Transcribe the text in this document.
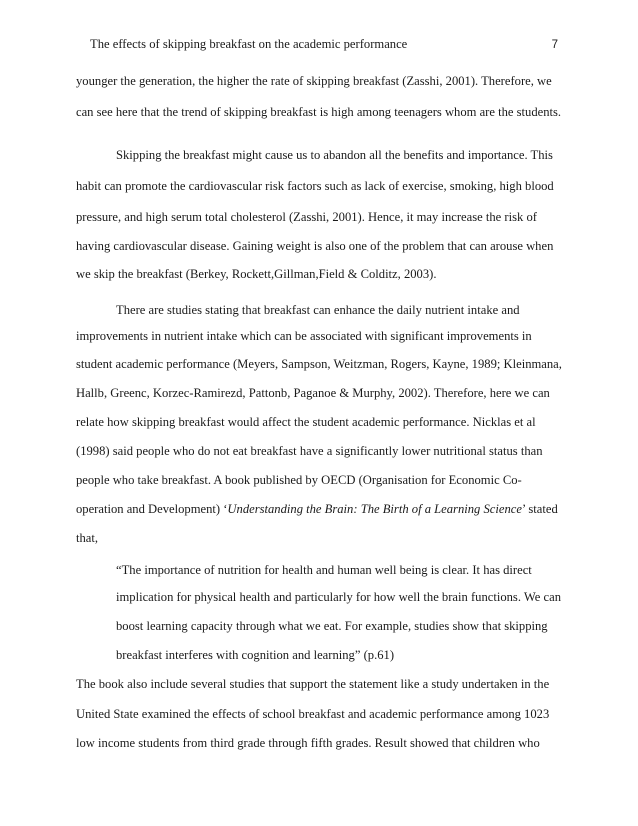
The effects of skipping breakfast on the academic performance	7
younger the generation, the higher the rate of skipping breakfast (Zasshi, 2001). Therefore, we
can see here that the trend of skipping breakfast is high among teenagers whom are the students.
Skipping the breakfast might cause us to abandon all the benefits and importance. This
habit can promote the cardiovascular risk factors such as lack of exercise, smoking, high blood
pressure, and high serum total cholesterol (Zasshi, 2001). Hence, it may increase the risk of
having cardiovascular disease. Gaining weight is also one of the problem that can arouse when
we skip the breakfast (Berkey, Rockett,Gillman,Field & Colditz, 2003).
There are studies stating that breakfast can enhance the daily nutrient intake and
improvements in nutrient intake which can be associated with significant improvements in
student academic performance (Meyers, Sampson, Weitzman, Rogers, Kayne, 1989; Kleinmana,
Hallb, Greenc, Korzec-Ramirezd, Pattonb, Paganoe & Murphy, 2002). Therefore, here we can
relate how skipping breakfast would affect the student academic performance. Nicklas et al
(1998) said people who do not eat breakfast have a significantly lower nutritional status than
people who take breakfast. A book published by OECD (Organisation for Economic Co-
operation and Development) ‘Understanding the Brain: The Birth of a Learning Science’ stated
that,
“The importance of nutrition for health and human well being is clear. It has direct
implication for physical health and particularly for how well the brain functions. We can
boost learning capacity through what we eat. For example, studies show that skipping
breakfast interferes with cognition and learning” (p.61)
The book also include several studies that support the statement like a study undertaken in the
United State examined the effects of school breakfast and academic performance among 1023
low income students from third grade through fifth grades. Result showed that children who
